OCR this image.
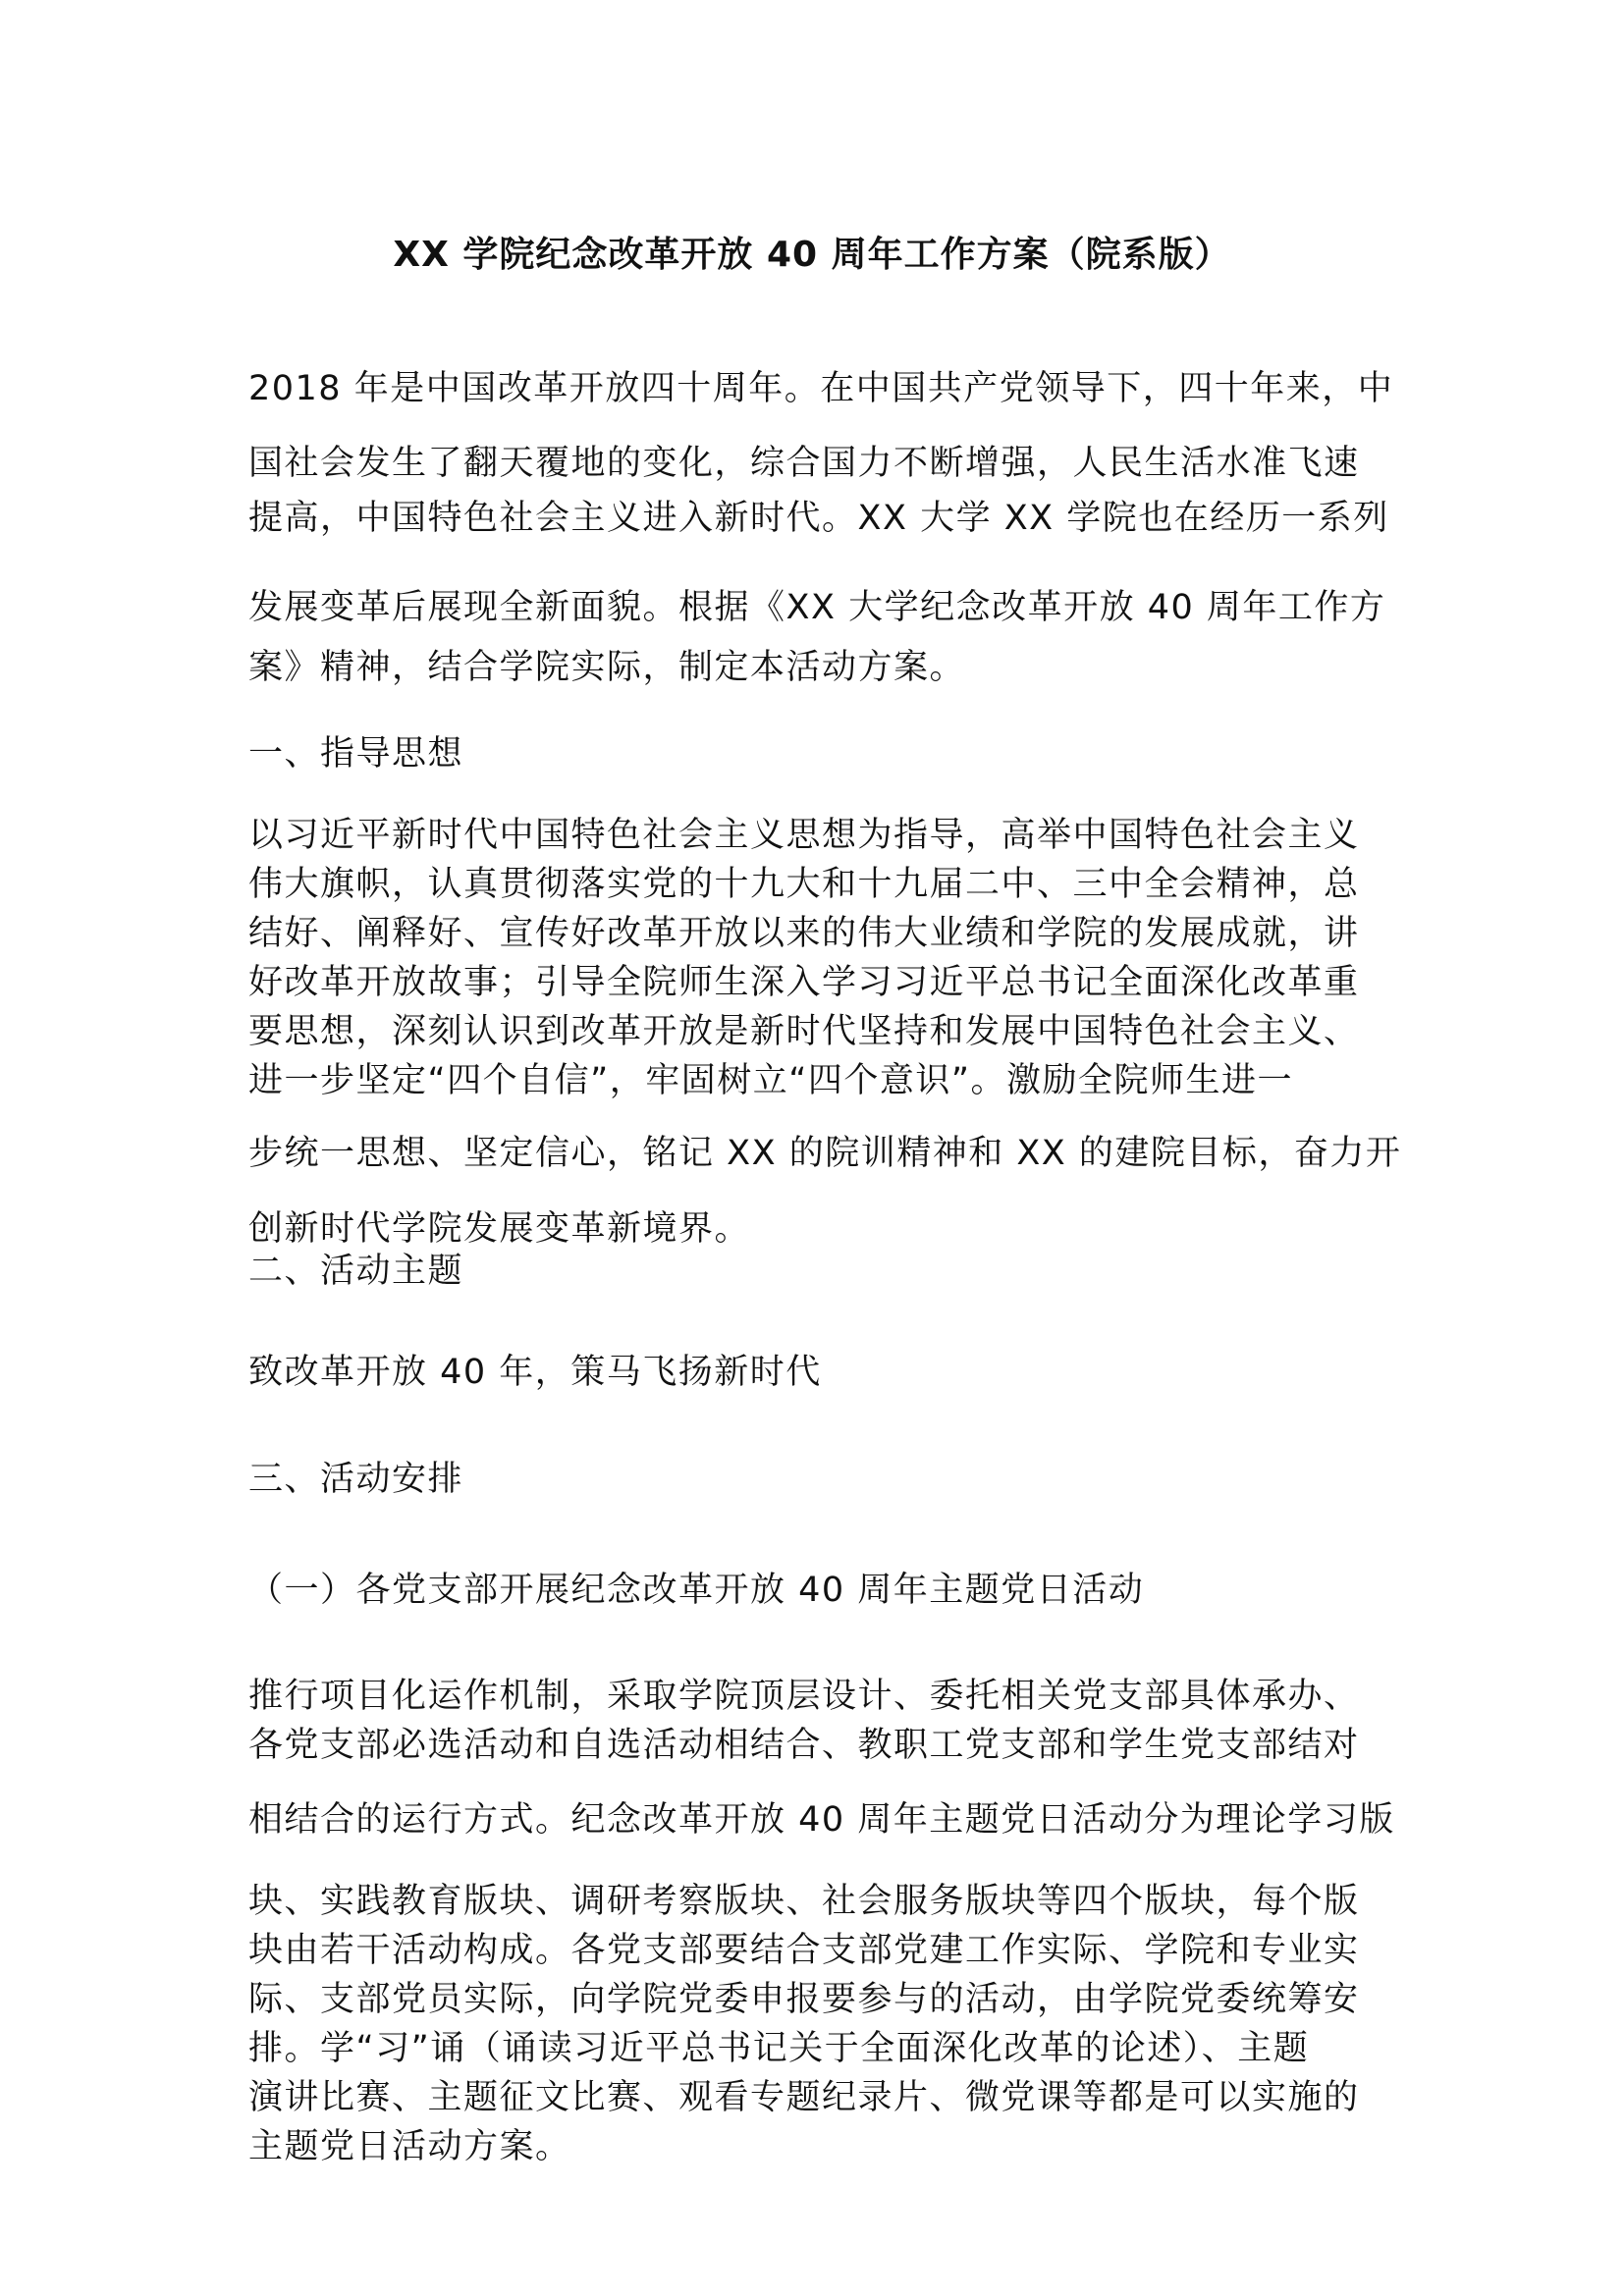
XX 学院纪念改革开放 40 周年工作方案（院系版）
2018 年是中国改革开放四十周年。在中国共产党领导下，四十年来，中
国社会发生了翻天覆地的变化，综合国力不断增强，人民生活水准飞速
提高，中国特色社会主义进入新时代。XX 大学 XX 学院也在经历一系列
发展变革后展现全新面貌。根据《XX 大学纪念改革开放 40 周年工作方
案》精神，结合学院实际，制定本活动方案。
一、指导思想
以习近平新时代中国特色社会主义思想为指导，高举中国特色社会主义
伟大旗帜，认真贯彻落实党的十九大和十九届二中、三中全会精神，总
结好、阐释好、宣传好改革开放以来的伟大业绩和学院的发展成就，讲
好改革开放故事；引导全院师生深入学习习近平总书记全面深化改革重
要思想，深刻认识到改革开放是新时代坚持和发展中国特色社会主义、
进一步坚定“四个自信”，牢固树立“四个意识”。激励全院师生进一
步统一思想、坚定信心，铭记 XX 的院训精神和 XX 的建院目标，奋力开
创新时代学院发展变革新境界。
二、活动主题
致改革开放 40 年，策马飞扬新时代
三、活动安排
（一）各党支部开展纪念改革开放 40 周年主题党日活动
推行项目化运作机制，采取学院顶层设计、委托相关党支部具体承办、
各党支部必选活动和自选活动相结合、教职工党支部和学生党支部结对
相结合的运行方式。纪念改革开放 40 周年主题党日活动分为理论学习版
块、实践教育版块、调研考察版块、社会服务版块等四个版块，每个版
块由若干活动构成。各党支部要结合支部党建工作实际、学院和专业实
际、支部党员实际，向学院党委申报要参与的活动，由学院党委统筹安
排。学“习”诵（诵读习近平总书记关于全面深化改革的论述）、主题
演讲比赛、主题征文比赛、观看专题纪录片、微党课等都是可以实施的
主题党日活动方案。
